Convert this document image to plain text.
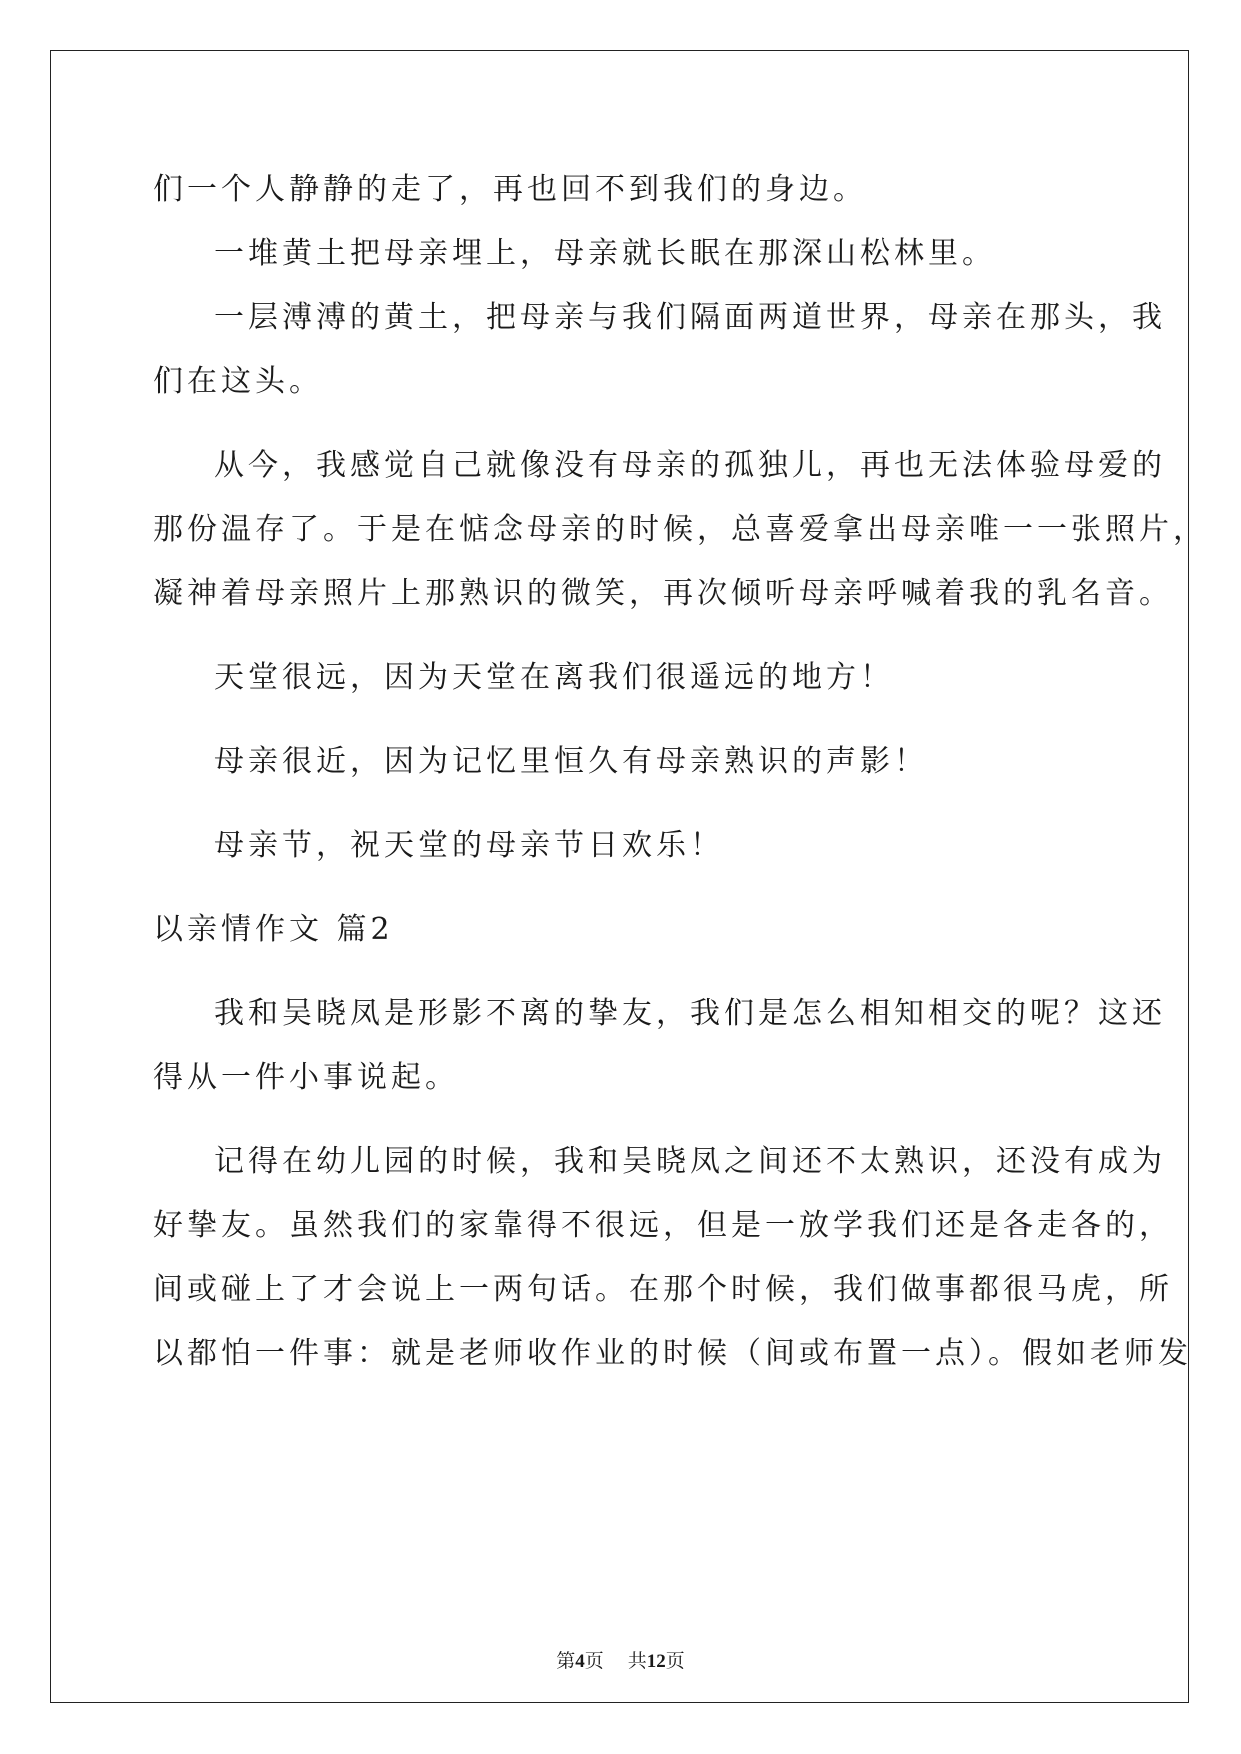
们一个人静静的走了，再也回不到我们的身边。
一堆黄土把母亲埋上，母亲就长眠在那深山松林里。
一层溥溥的黄土，把母亲与我们隔面两道世界，母亲在那头，我
们在这头。
从今，我感觉自己就像没有母亲的孤独儿，再也无法体验母爱的
那份温存了。于是在惦念母亲的时候，总喜爱拿出母亲唯一一张照片，
凝神着母亲照片上那熟识的微笑，再次倾听母亲呼喊着我的乳名音。
天堂很远，因为天堂在离我们很遥远的地方！
母亲很近，因为记忆里恒久有母亲熟识的声影！
母亲节，祝天堂的母亲节日欢乐！
以亲情作文 篇2
我和吴晓凤是形影不离的挚友，我们是怎么相知相交的呢？这还
得从一件小事说起。
记得在幼儿园的时候，我和吴晓凤之间还不太熟识，还没有成为
好挚友。虽然我们的家靠得不很远，但是一放学我们还是各走各的，
间或碰上了才会说上一两句话。在那个时候，我们做事都很马虎，所
以都怕一件事：就是老师收作业的时候（间或布置一点）。假如老师发
第4页 共12页
